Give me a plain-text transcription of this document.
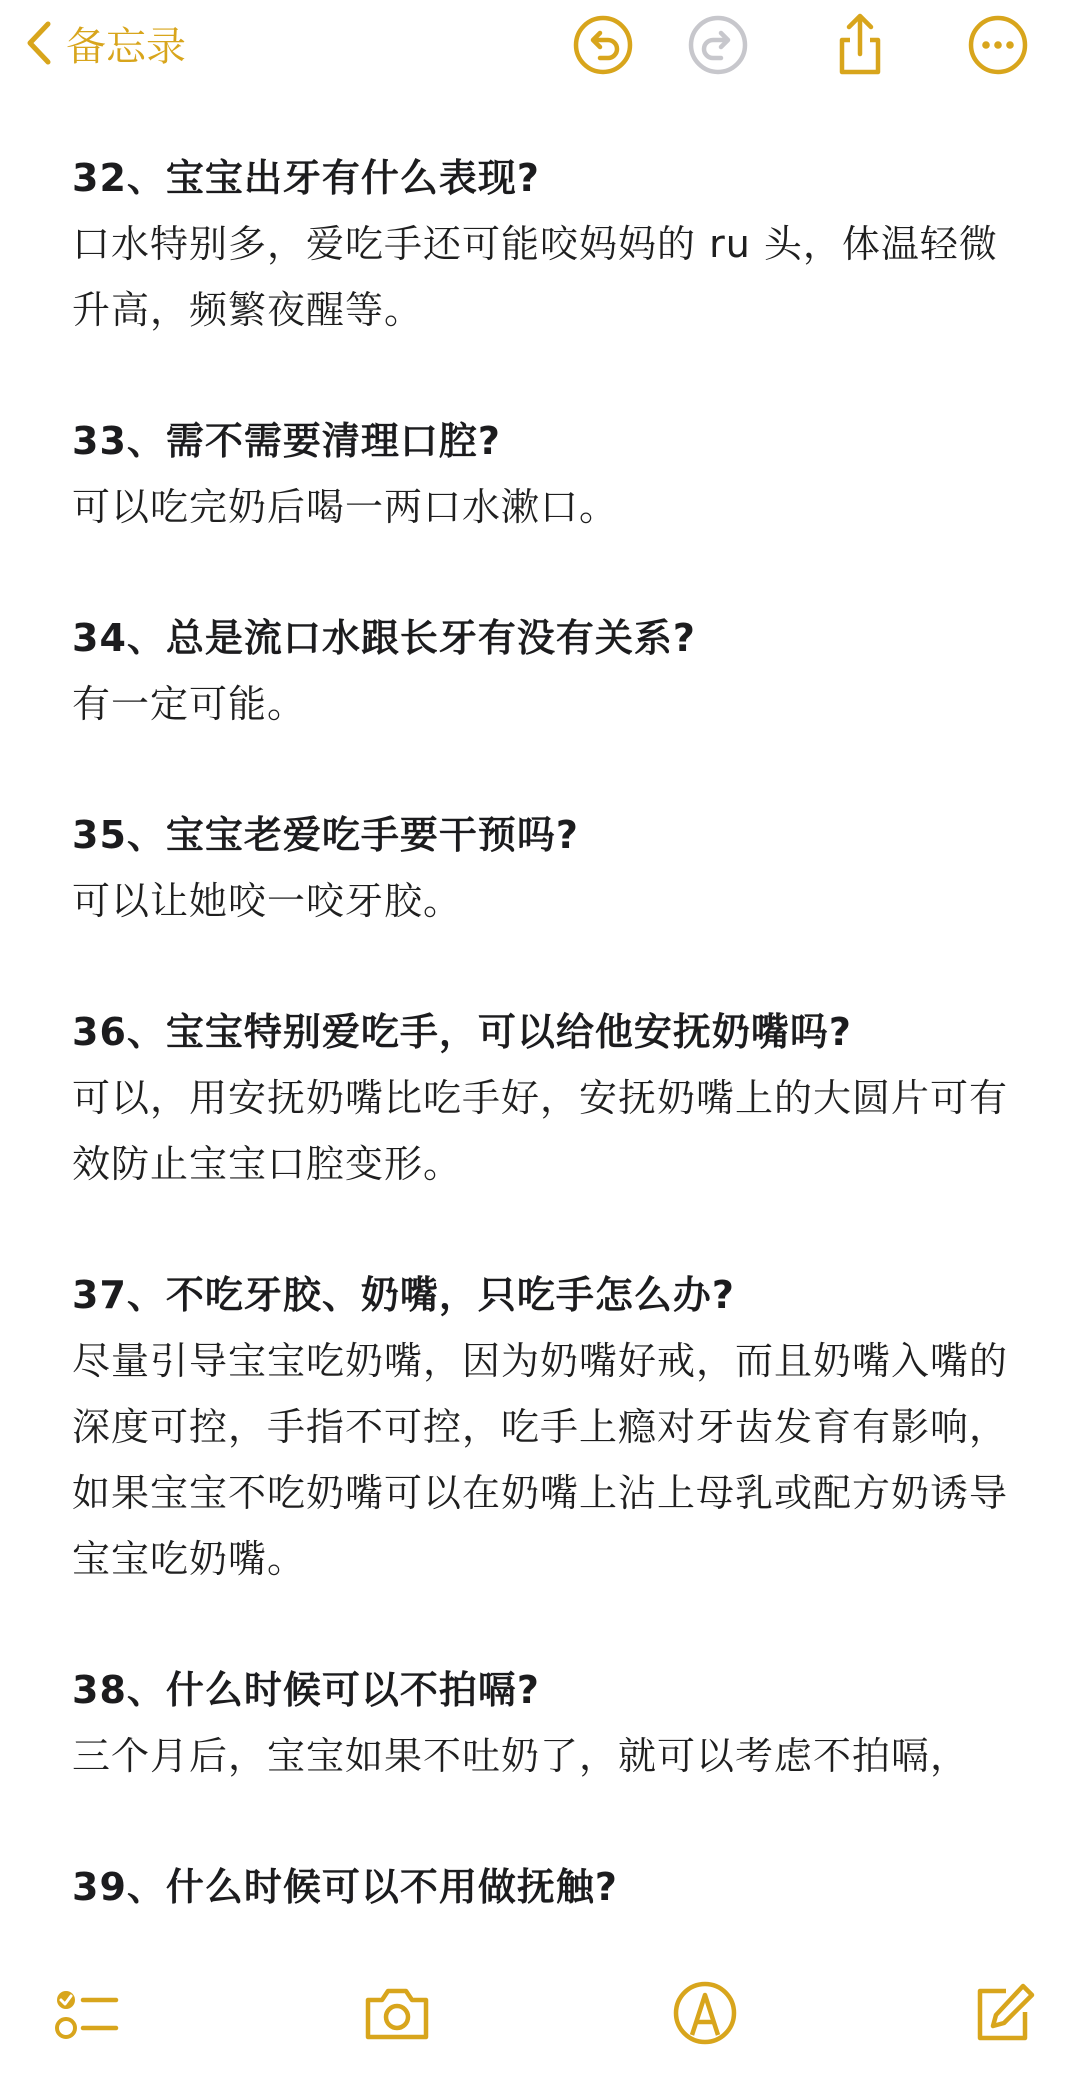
备忘录

32、宝宝出牙有什么表现?

口水特别多，爱吃手还可能咬妈妈的 ru 头，体温轻微升高，频繁夜醒等。

33、需不需要清理口腔?

可以吃完奶后喝一两口水漱口。

34、总是流口水跟长牙有没有关系?

有一定可能。

35、宝宝老爱吃手要干预吗?

可以让她咬一咬牙胶。

36、宝宝特别爱吃手，可以给他安抚奶嘴吗?

可以，用安抚奶嘴比吃手好，安抚奶嘴上的大圆片可有效防止宝宝口腔变形。

37、不吃牙胶、奶嘴，只吃手怎么办?

尽量引导宝宝吃奶嘴，因为奶嘴好戒，而且奶嘴入嘴的深度可控，手指不可控，吃手上瘾对牙齿发育有影响，如果宝宝不吃奶嘴可以在奶嘴上沾上母乳或配方奶诱导宝宝吃奶嘴。

38、什么时候可以不拍嗝?

三个月后，宝宝如果不吐奶了，就可以考虑不拍嗝，

39、什么时候可以不用做抚触?
